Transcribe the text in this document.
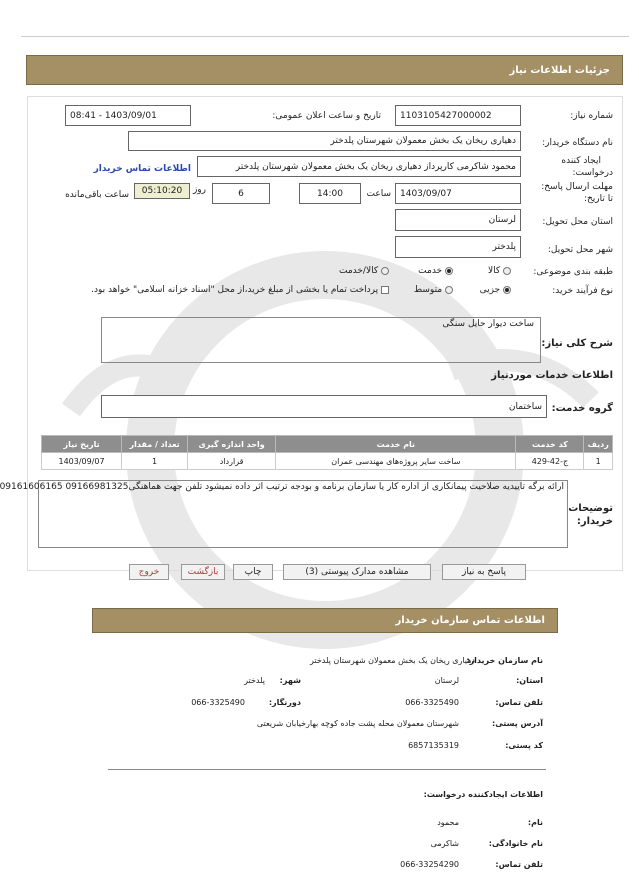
جزئیات اطلاعات نیاز
شماره نیاز:
1103105427000002
تاریخ و ساعت اعلان عمومی:
1403/09/01 - 08:41
نام دستگاه خریدار:
دهیاری ریخان یک بخش معمولان شهرستان پلدختر
ایجاد کننده
درخواست:
محمود شاکرمی کارپرداز دهیاری ریخان یک بخش معمولان شهرستان پلدختر
اطلاعات تماس خریدار
مهلت ارسال پاسخ:
تا تاریخ:
1403/09/07
ساعت
14:00
روز	6
05:10:20
ساعت باقی‌مانده
استان محل تحویل:
لرستان
شهر محل تحویل:
پلدختر
طبقه بندی موضوعی:
کالا
خدمت
کالا/خدمت
نوع فرآیند خرید:
جزیی
متوسط
پرداخت تمام یا بخشی از مبلغ خرید،از محل "اسناد خزانه اسلامی" خواهد بود.
شرح کلی نیاز:
ساخت دیوار حایل سنگی
اطلاعات خدمات موردنیاز
گروه خدمت:
ساختمان
ردیف	کد خدمت	نام خدمت	واحد اندازه گیری	تعداد / مقدار	تاریخ نیاز
1	ج-42-429	ساخت سایر پروژه‌های مهندسی عمران	قرارداد	1	1403/09/07
توضیحات
خریدار:
ارائه برگه تاییدیه صلاحیت پیمانکاری از اداره کار یا سازمان برنامه و بودجه ترتیب اثر داده نمیشود تلفن جهت هماهنگی09166981325 09161606165
پاسخ به نیاز
مشاهده مدارک پیوستی (3)
چاپ
بازگشت
خروج
اطلاعات تماس سازمان خریدار
نام سازمان خریدار:
دهیاری ریخان یک بخش معمولان شهرستان پلدختر
استان:
لرستان
شهر:
پلدختر
تلفن تماس:
066-3325490
دورنگار:
066-3325490
آدرس پستی:
شهرستان معمولان محله پشت جاده کوچه بهارخیابان شریعتی
کد پستی:
6857135319
اطلاعات ایجادکننده درخواست:
نام:
محمود
نام خانوادگی:
شاکرمی
تلفن تماس:
066-33254290
